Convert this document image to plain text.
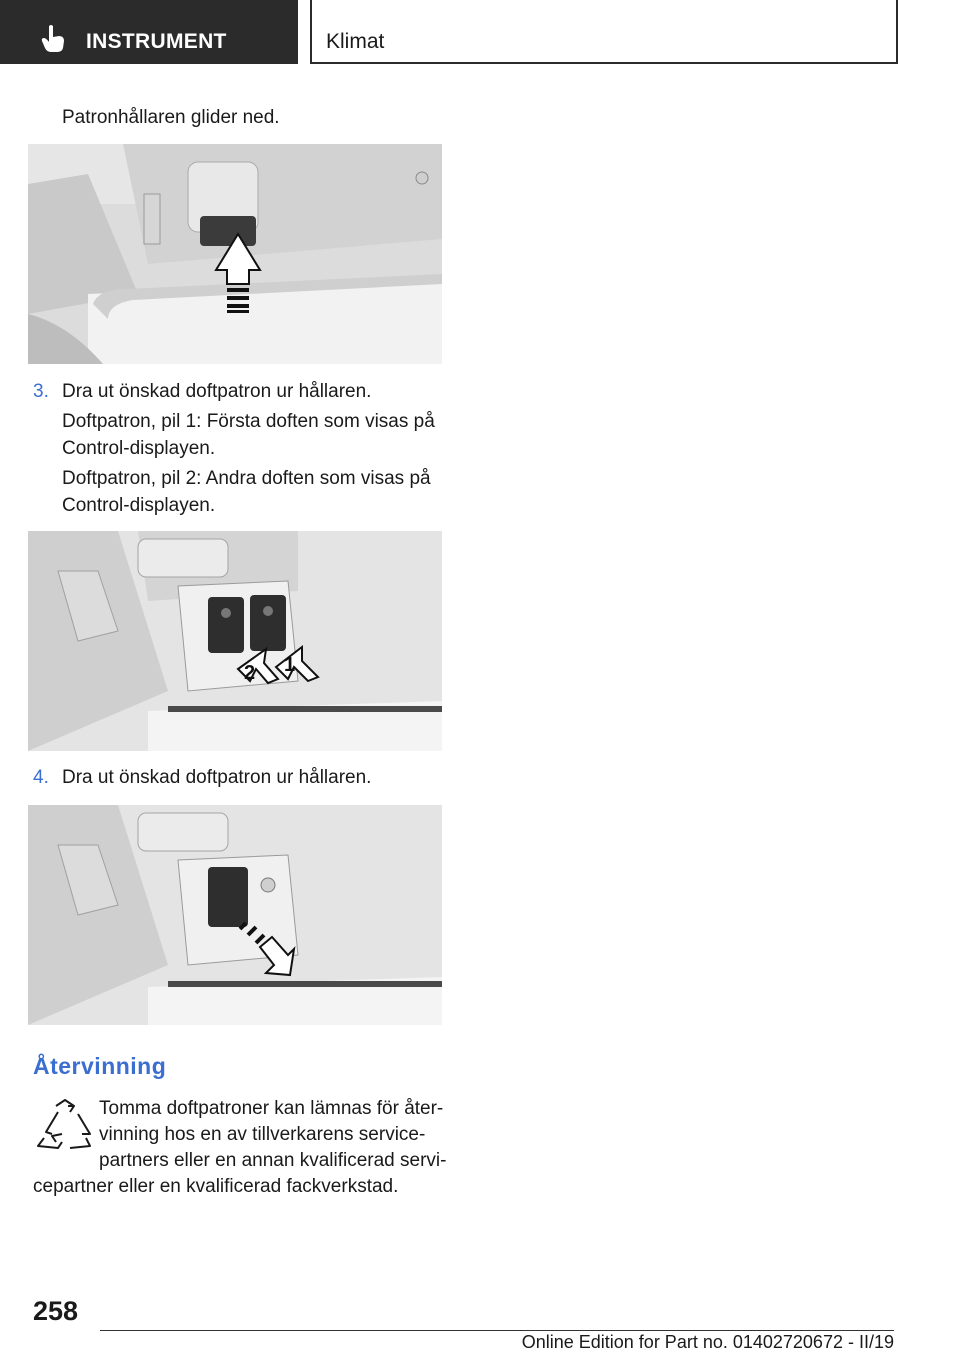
INSTRUMENT	Klimat
Patronhållaren glider ned.
3. Dra ut önskad doftpatron ur hållaren.
Doftpatron, pil 1: Första doften som visas på
Control-displayen.
Doftpatron, pil 2: Andra doften som visas på
Control-displayen.
2 1
4. Dra ut önskad doftpatron ur hållaren.
Återvinning
Tomma doftpatroner kan lämnas för åter-
vinning hos en av tillverkarens service-
partners eller en annan kvalificerad servi-
cepartner eller en kvalificerad fackverkstad.
258
Online Edition for Part no. 01402720672 - II/19
